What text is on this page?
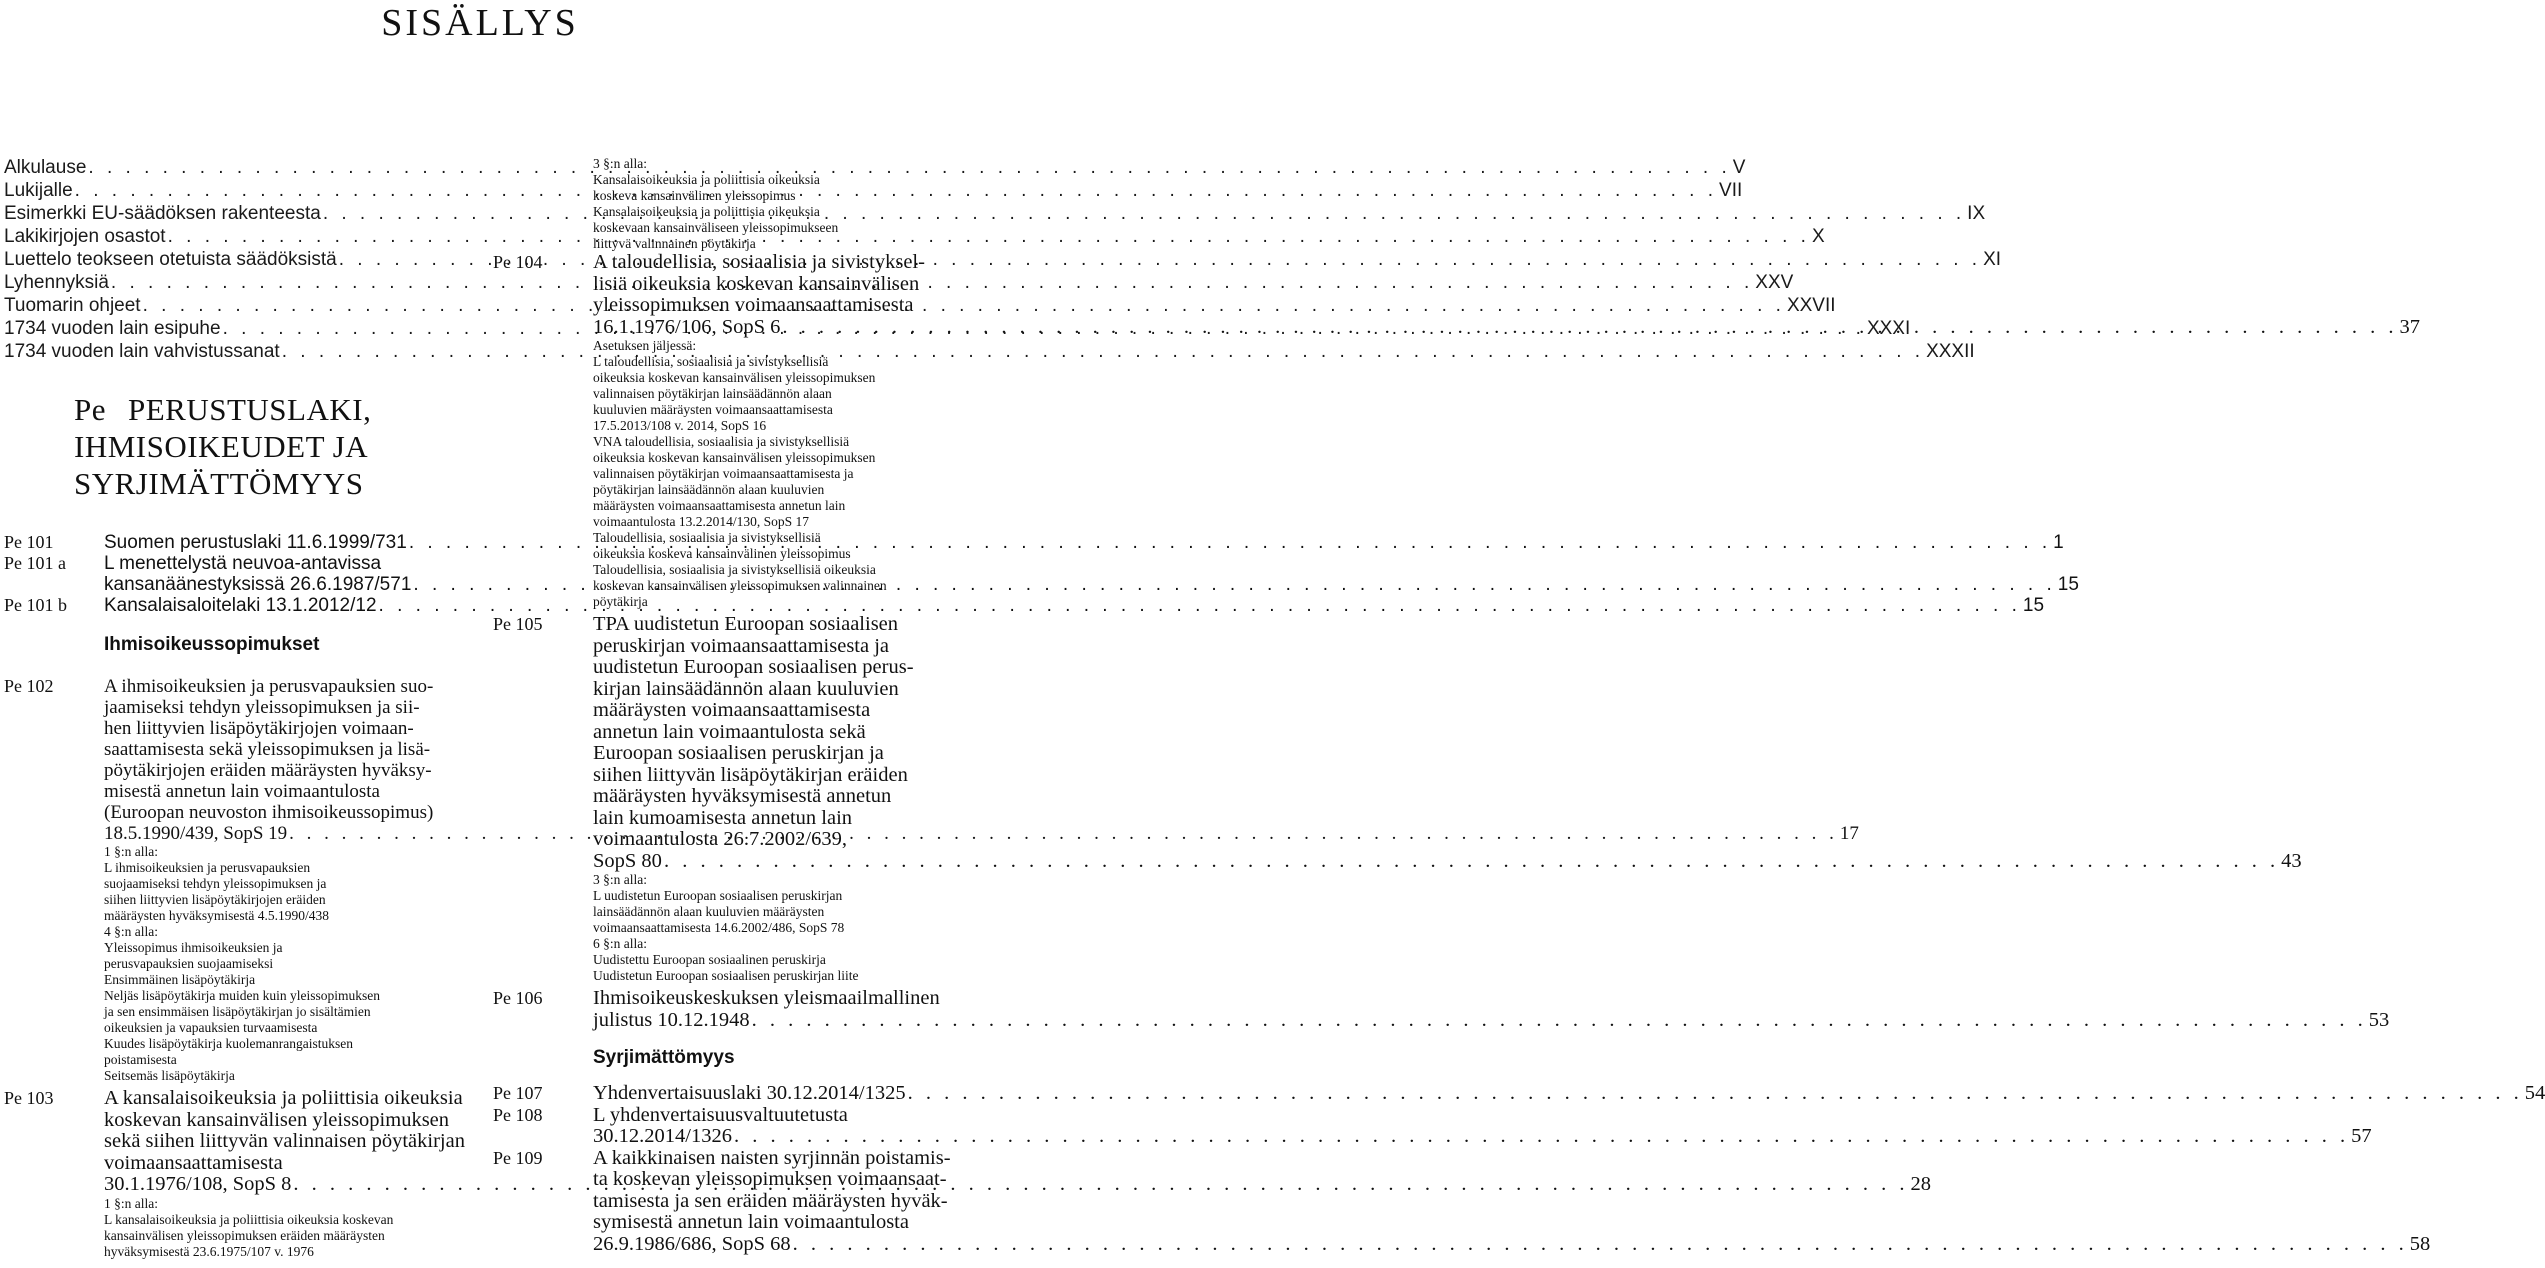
SISÄLLYS
Alkulause . . .	V
Lukijalle . . .	VII
Esimerkki EU-säädöksen rakenteesta . . .	IX
Lakikirjojen osastot . . .	X
Luettelo teokseen otetuista säädöksistä . . .	XI
Lyhennyksiä . . .	XXV
Tuomarin ohjeet . . .	XXVII
1734 vuoden lain esipuhe . . .	XXXI
1734 vuoden lain vahvistussanat . . .	XXXII
Pe PERUSTUSLAKI,
IHMISOIKEUDET JA
SYRJIMÄTTÖMYYS
Pe 101	Suomen perustuslaki 11.6.1999/731 . . .	1
Pe 101 a	L menettelystä neuvoa-antavissa
kansanäänestyksissä 26.6.1987/571 . . .	15
Pe 101 b	Kansalaisaloitelaki 13.1.2012/12 . . .	15
Ihmisoikeussopimukset
Pe 102	A ihmisoikeuksien ja perusvapauksien suo-
jaamiseksi tehdyn yleissopimuksen ja sii-
hen liittyvien lisäpöytäkirjojen voimaan-
saattamisesta sekä yleissopimuksen ja lisä-
pöytäkirjojen eräiden määräysten hyväksy-
misestä annetun lain voimaantulosta
(Euroopan neuvoston ihmisoikeussopimus)
18.5.1990/439, SopS 19 . . .	17
1 §:n alla:
L ihmisoikeuksien ja perusvapauksien
suojaamiseksi tehdyn yleissopimuksen ja
siihen liittyvien lisäpöytäkirjojen eräiden
määräysten hyväksymisestä 4.5.1990/438
4 §:n alla:
Yleissopimus ihmisoikeuksien ja
perusvapauksien suojaamiseksi
Ensimmäinen lisäpöytäkirja
Neljäs lisäpöytäkirja muiden kuin yleissopimuksen
ja sen ensimmäisen lisäpöytäkirjan jo sisältämien
oikeuksien ja vapauksien turvaamisesta
Kuudes lisäpöytäkirja kuolemanrangaistuksen
poistamisesta
Seitsemäs lisäpöytäkirja
Pe 103	A kansalaisoikeuksia ja poliittisia oikeuksia
koskevan kansainvälisen yleissopimuksen
sekä siihen liittyvän valinnaisen pöytäkirjan
voimaansaattamisesta
30.1.1976/108, SopS 8 . . .	28
1 §:n alla:
L kansalaisoikeuksia ja poliittisia oikeuksia koskevan
kansainvälisen yleissopimuksen eräiden määräysten
hyväksymisestä 23.6.1975/107 v. 1976
3 §:n alla:
Kansalaisoikeuksia ja poliittisia oikeuksia
koskeva kansainvälinen yleissopimus
Kansalaisoikeuksia ja poliittisia oikeuksia
koskevaan kansainväliseen yleissopimukseen
liittyvä valinnainen pöytäkirja
Pe 104	A taloudellisia, sosiaalisia ja sivistyksel-
lisiä oikeuksia koskevan kansainvälisen
yleissopimuksen voimaansaattamisesta
16.1.1976/106, SopS 6 . . .	37
Asetuksen jäljessä:
L taloudellisia, sosiaalisia ja sivistyksellisiä
oikeuksia koskevan kansainvälisen yleissopimuksen
valinnaisen pöytäkirjan lainsäädännön alaan
kuuluvien määräysten voimaansaattamisesta
17.5.2013/108 v. 2014, SopS 16
VNA taloudellisia, sosiaalisia ja sivistyksellisiä
oikeuksia koskevan kansainvälisen yleissopimuksen
valinnaisen pöytäkirjan voimaansaattamisesta ja
pöytäkirjan lainsäädännön alaan kuuluvien
määräysten voimaansaattamisesta annetun lain
voimaantulosta 13.2.2014/130, SopS 17
Taloudellisia, sosiaalisia ja sivistyksellisiä
oikeuksia koskeva kansainvälinen yleissopimus
Taloudellisia, sosiaalisia ja sivistyksellisiä oikeuksia
koskevan kansainvälisen yleissopimuksen valinnainen
pöytäkirja
Pe 105	TPA uudistetun Euroopan sosiaalisen
peruskirjan voimaansaattamisesta ja
uudistetun Euroopan sosiaalisen perus-
kirjan lainsäädännön alaan kuuluvien
määräysten voimaansaattamisesta
annetun lain voimaantulosta sekä
Euroopan sosiaalisen peruskirjan ja
siihen liittyvän lisäpöytäkirjan eräiden
määräysten hyväksymisestä annetun
lain kumoamisesta annetun lain
voimaantulosta 26.7.2002/639,
SopS 80 . . .	43
3 §:n alla:
L uudistetun Euroopan sosiaalisen peruskirjan
lainsäädännön alaan kuuluvien määräysten
voimaansaattamisesta 14.6.2002/486, SopS 78
6 §:n alla:
Uudistettu Euroopan sosiaalinen peruskirja
Uudistetun Euroopan sosiaalisen peruskirjan liite
Pe 106	Ihmisoikeuskeskuksen yleismaailmallinen
julistus 10.12.1948 . . .	53
Syrjimättömyys
Pe 107	Yhdenvertaisuuslaki 30.12.2014/1325 . . .	54
Pe 108	L yhdenvertaisuusvaltuutetusta
30.12.2014/1326 . . .	57
Pe 109	A kaikkinaisen naisten syrjinnän poistamis-
ta koskevan yleissopimuksen voimaansaat-
tamisesta ja sen eräiden määräysten hyväk-
symisestä annetun lain voimaantulosta
26.9.1986/686, SopS 68 . . .	58
